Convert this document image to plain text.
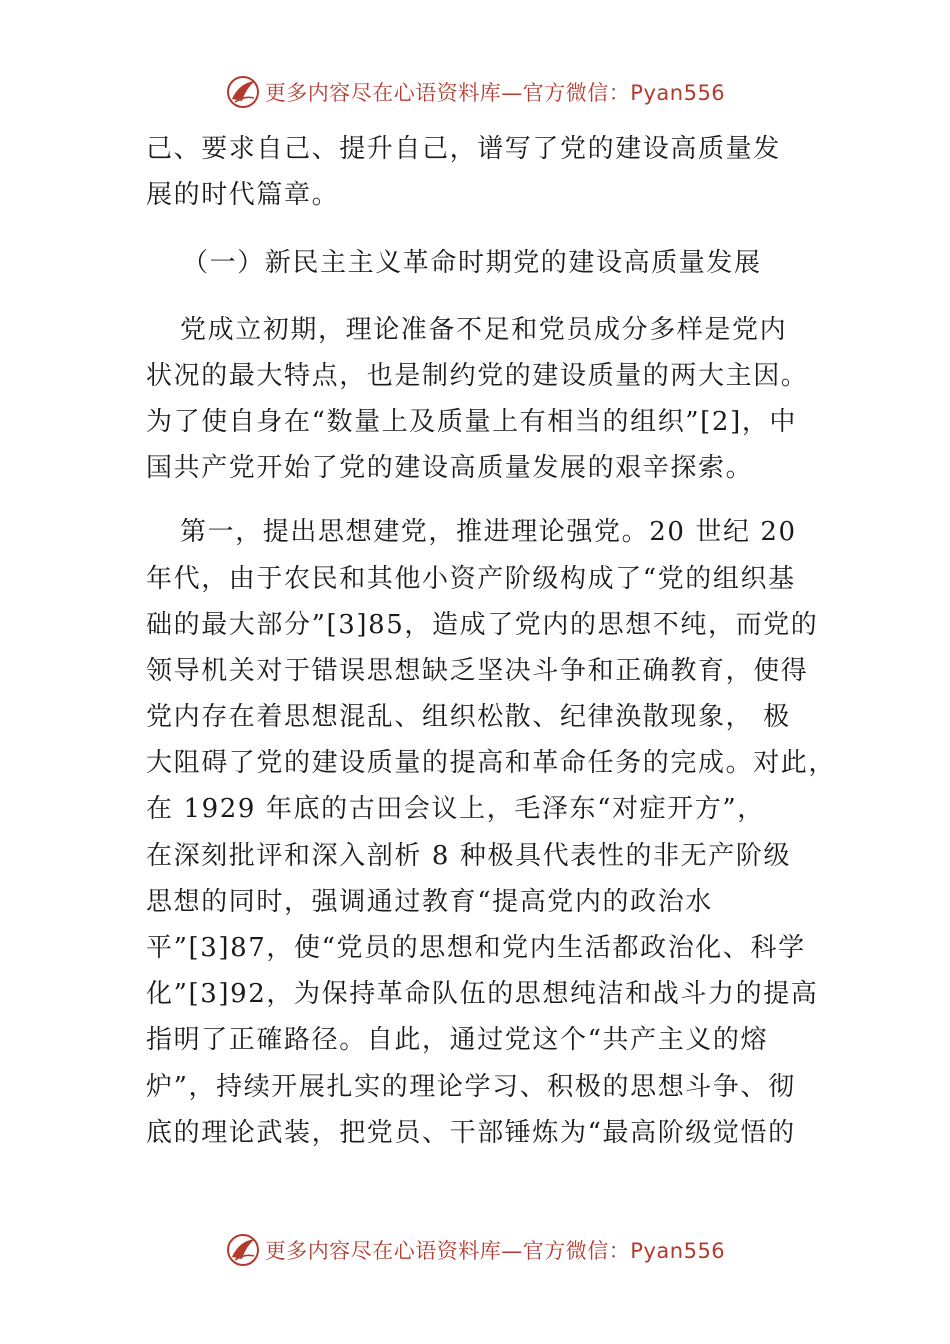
更多内容尽在心语资料库—官方微信：Pyan556
己、要求自己、提升自己，谱写了党的建设高质量发
展的时代篇章。
（一）新民主主义革命时期党的建设高质量发展
党成立初期，理论准备不足和党员成分多样是党内
状况的最大特点，也是制约党的建设质量的两大主因。
为了使自身在“数量上及质量上有相当的组织”[2]，中
国共产党开始了党的建设高质量发展的艰辛探索。
第一，提出思想建党，推进理论强党。20 世纪 20
年代，由于农民和其他小资产阶级构成了“党的组织基
础的最大部分”[3]85，造成了党内的思想不纯，而党的
领导机关对于错误思想缺乏坚决斗争和正确教育，使得
党内存在着思想混乱、组织松散、纪律涣散现象， 极
大阻碍了党的建设质量的提高和革命任务的完成。对此，
在 1929 年底的古田会议上，毛泽东“对症开方”，
在深刻批评和深入剖析 8 种极具代表性的非无产阶级
思想的同时，强调通过教育“提高党内的政治水
平”[3]87，使“党员的思想和党内生活都政治化、科学
化”[3]92，为保持革命队伍的思想纯洁和战斗力的提高
指明了正確路径。自此，通过党这个“共产主义的熔
炉”，持续开展扎实的理论学习、积极的思想斗争、彻
底的理论武装，把党员、干部锤炼为“最高阶级觉悟的
更多内容尽在心语资料库—官方微信：Pyan556
